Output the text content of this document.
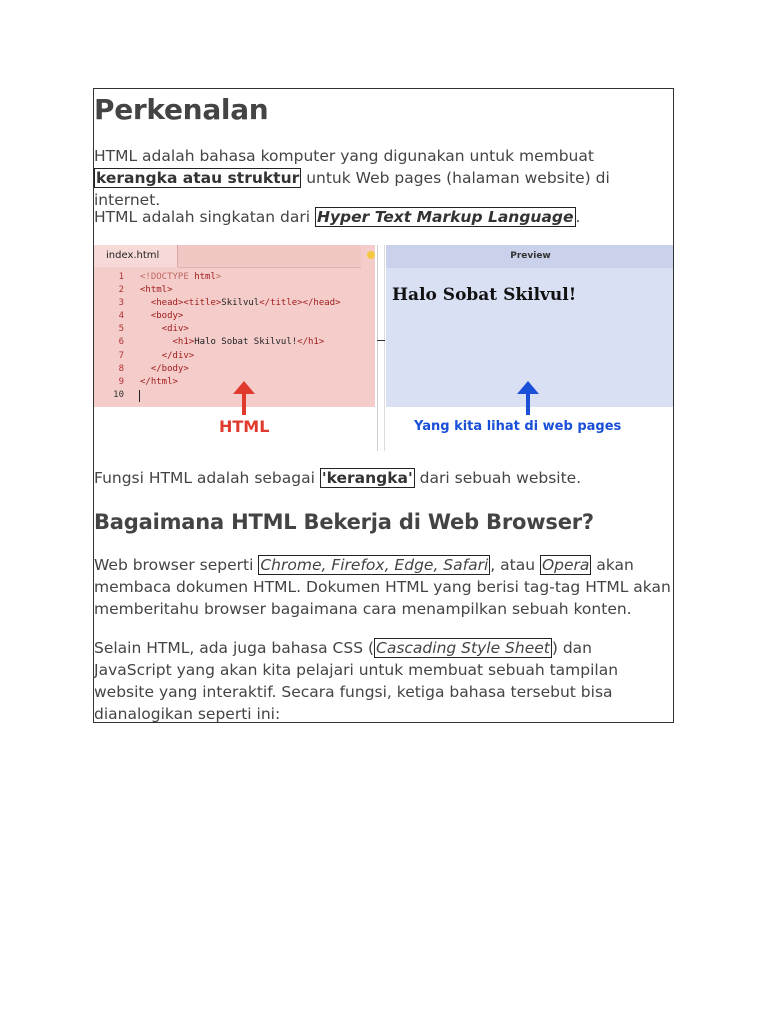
Perkenalan
HTML adalah bahasa komputer yang digunakan untuk membuat kerangka atau struktur untuk Web pages (halaman website) di internet.
HTML adalah singkatan dari Hyper Text Markup Language .
index.html
1
2
3
4
5
6
7
8
9
10
<!DOCTYPE html>
<html>
<head><title>Skilvul</title></head>
<body>
<div>
<h1>Halo Sobat Skilvul!</h1>
</div>
</body>
</html>
Preview
Halo Sobat Skilvul!
HTML	Yang kita lihat di web pages
Fungsi HTML adalah sebagai 'kerangka' dari sebuah website.
Bagaimana HTML Bekerja di Web Browser?
Web browser seperti Chrome, Firefox, Edge, Safari , atau Opera akan membaca dokumen HTML. Dokumen HTML yang berisi tag-tag HTML akan memberitahu browser bagaimana cara menampilkan sebuah konten.
Selain HTML, ada juga bahasa CSS ( Cascading Style Sheet ) dan JavaScript yang akan kita pelajari untuk membuat sebuah tampilan website yang interaktif. Secara fungsi, ketiga bahasa tersebut bisa dianalogikan seperti ini:
